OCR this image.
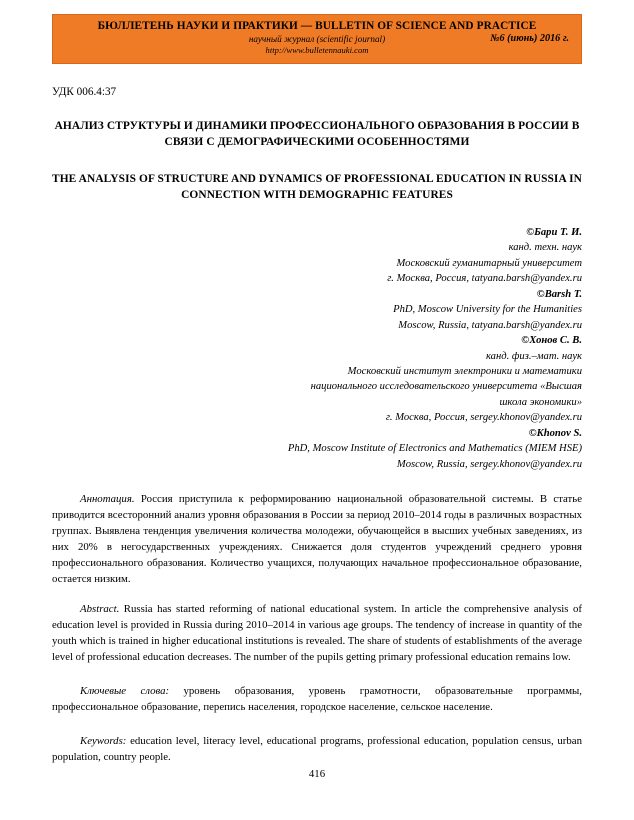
БЮЛЛЕТЕНЬ НАУКИ И ПРАКТИКИ — BULLETIN OF SCIENCE AND PRACTICE
научный журнал (scientific journal)
http://www.bulletennauki.com
№6 (июнь) 2016 г.
УДК 006.4:37
АНАЛИЗ СТРУКТУРЫ И ДИНАМИКИ ПРОФЕССИОНАЛЬНОГО ОБРАЗОВАНИЯ В РОССИИ В СВЯЗИ С ДЕМОГРАФИЧЕСКИМИ ОСОБЕННОСТЯМИ
THE ANALYSIS OF STRUCTURE AND DYNAMICS OF PROFESSIONAL EDUCATION IN RUSSIA IN CONNECTION WITH DEMOGRAPHIC FEATURES
©Бари Т. И.
канд. техн. наук
Московский гуманитарный университет
г. Москва, Россия, tatyana.barsh@yandex.ru
©Barsh T.
PhD, Moscow University for the Humanities
Moscow, Russia, tatyana.barsh@yandex.ru
©Хонов С. В.
канд. физ.–мат. наук
Московский институт электроники и математики
национального исследовательского университета «Высшая
школа экономики»
г. Москва, Россия, sergey.khonov@yandex.ru
©Khonov S.
PhD, Moscow Institute of Electronics and Mathematics (MIEM HSE)
Moscow, Russia, sergey.khonov@yandex.ru
Аннотация. Россия приступила к реформированию национальной образовательной системы. В статье приводится всесторонний анализ уровня образования в России за период 2010–2014 годы в различных возрастных группах. Выявлена тенденция увеличения количества молодежи, обучающейся в высших учебных заведениях, из них 20% в негосударственных учреждениях. Снижается доля студентов учреждений среднего уровня профессионального образования. Количество учащихся, получающих начальное профессиональное образование, остается низким.
Abstract. Russia has started reforming of national educational system. In article the comprehensive analysis of education level is provided in Russia during 2010–2014 in various age groups. The tendency of increase in quantity of the youth which is trained in higher educational institutions is revealed. The share of students of establishments of the average level of professional education decreases. The number of the pupils getting primary professional education remains low.
Ключевые слова: уровень образования, уровень грамотности, образовательные программы, профессиональное образование, перепись населения, городское население, сельское население.
Keywords: education level, literacy level, educational programs, professional education, population census, urban population, country people.
416
